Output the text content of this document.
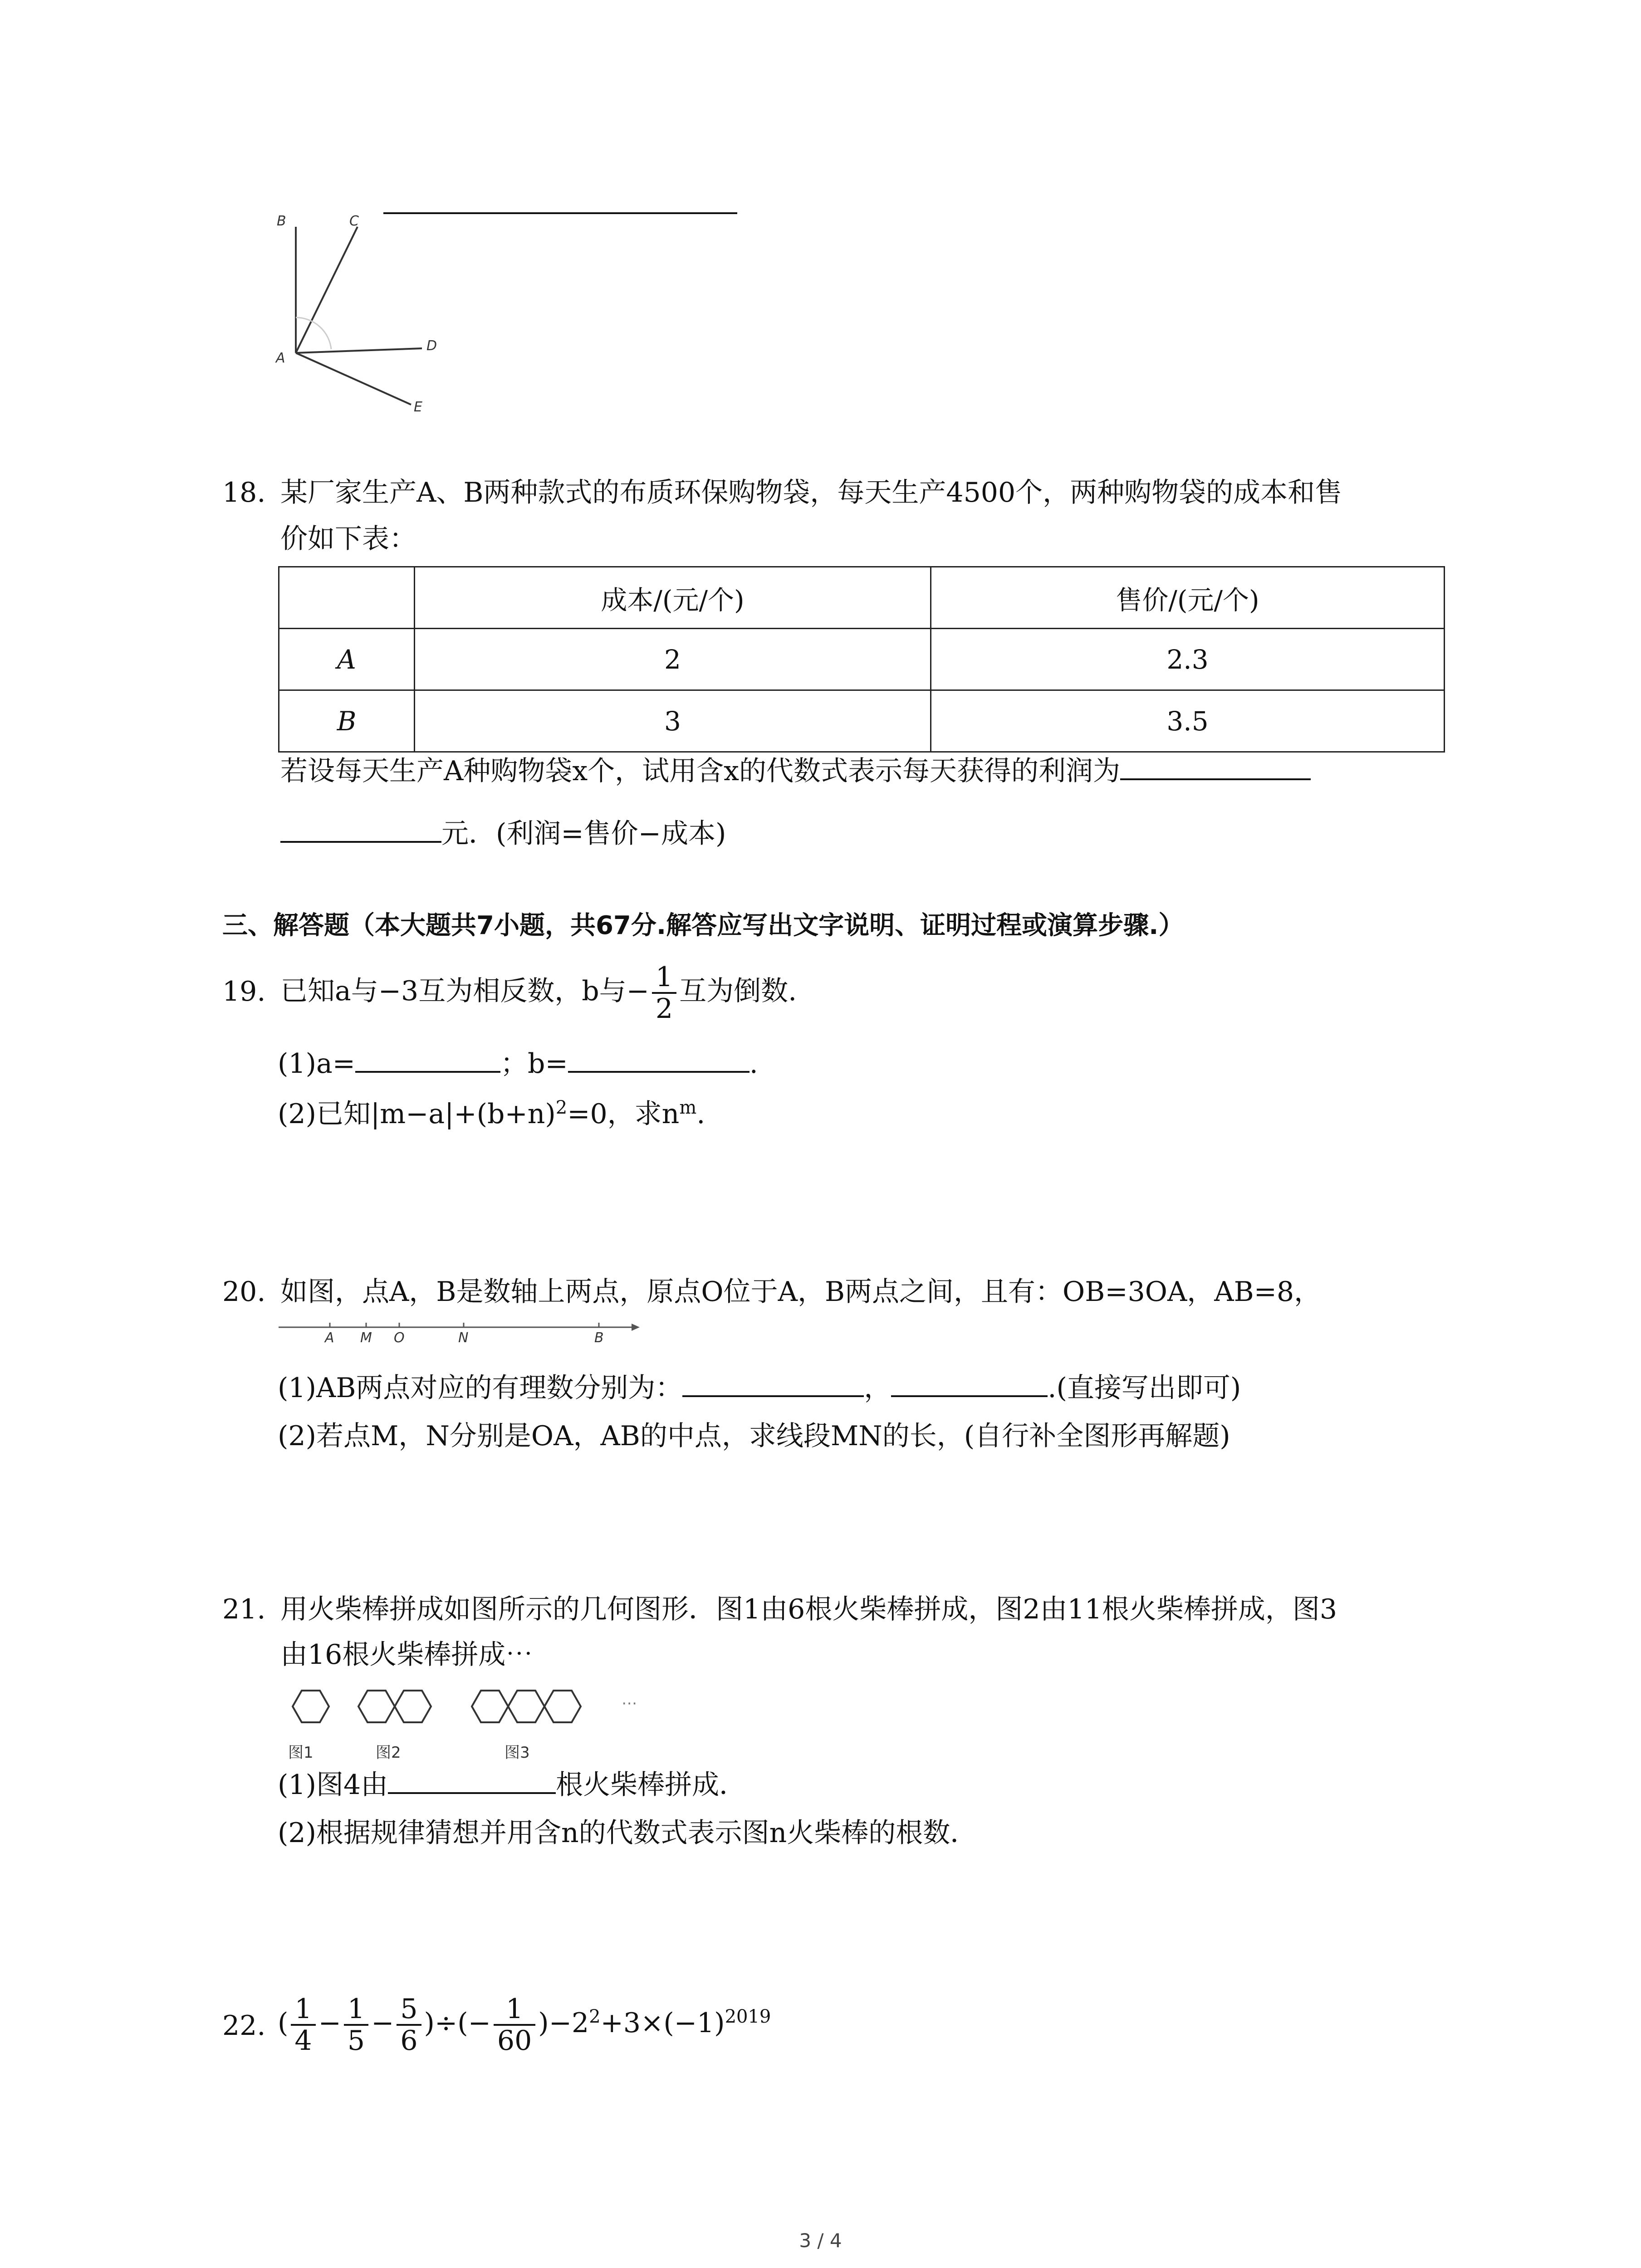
B	C
A
D
E
18. 某厂家生产A、B两种款式的布质环保购物袋，每天生产4500个，两种购物袋的成本和售
价如下表：
	成本/(元/个)	售价/(元/个)
A	2	2.3
B	3	3.5
若设每天生产A种购物袋x个，试用含x的代数式表示每天获得的利润为
元．(利润=售价−成本)
三、解答题（本大题共7小题，共67分.解答应写出文字说明、证明过程或演算步骤.）
19. 已知a与−3互为相反数，b与− $\frac{1}{2}$ 互为倒数.
(1)a=	；b=	.
(2)已知$|m-a|+(b+n)^2=0$，求$n^m$.
20. 如图，点A，B是数轴上两点，原点O位于A，B两点之间，且有：OB=3OA，AB=8，
A M O	N	B
(1)AB两点对应的有理数分别为：	，	.(直接写出即可)
(2)若点M，N分别是OA，AB的中点，求线段MN的长，(自行补全图形再解题)
21. 用火柴棒拼成如图所示的几何图形．图1由6根火柴棒拼成，图2由11根火柴棒拼成，图3
由16根火柴棒拼成⋯
⋯
图1	图2	图3
(1)图4由	根火柴棒拼成．
(2)根据规律猜想并用含n的代数式表示图n火柴棒的根数．
22. ( $\frac{1}{4} - \frac{1}{5} - \frac{5}{6}$ )÷(− $\frac{1}{60} )-2^2+3\times(-1)^{2019}$
3 / 4
